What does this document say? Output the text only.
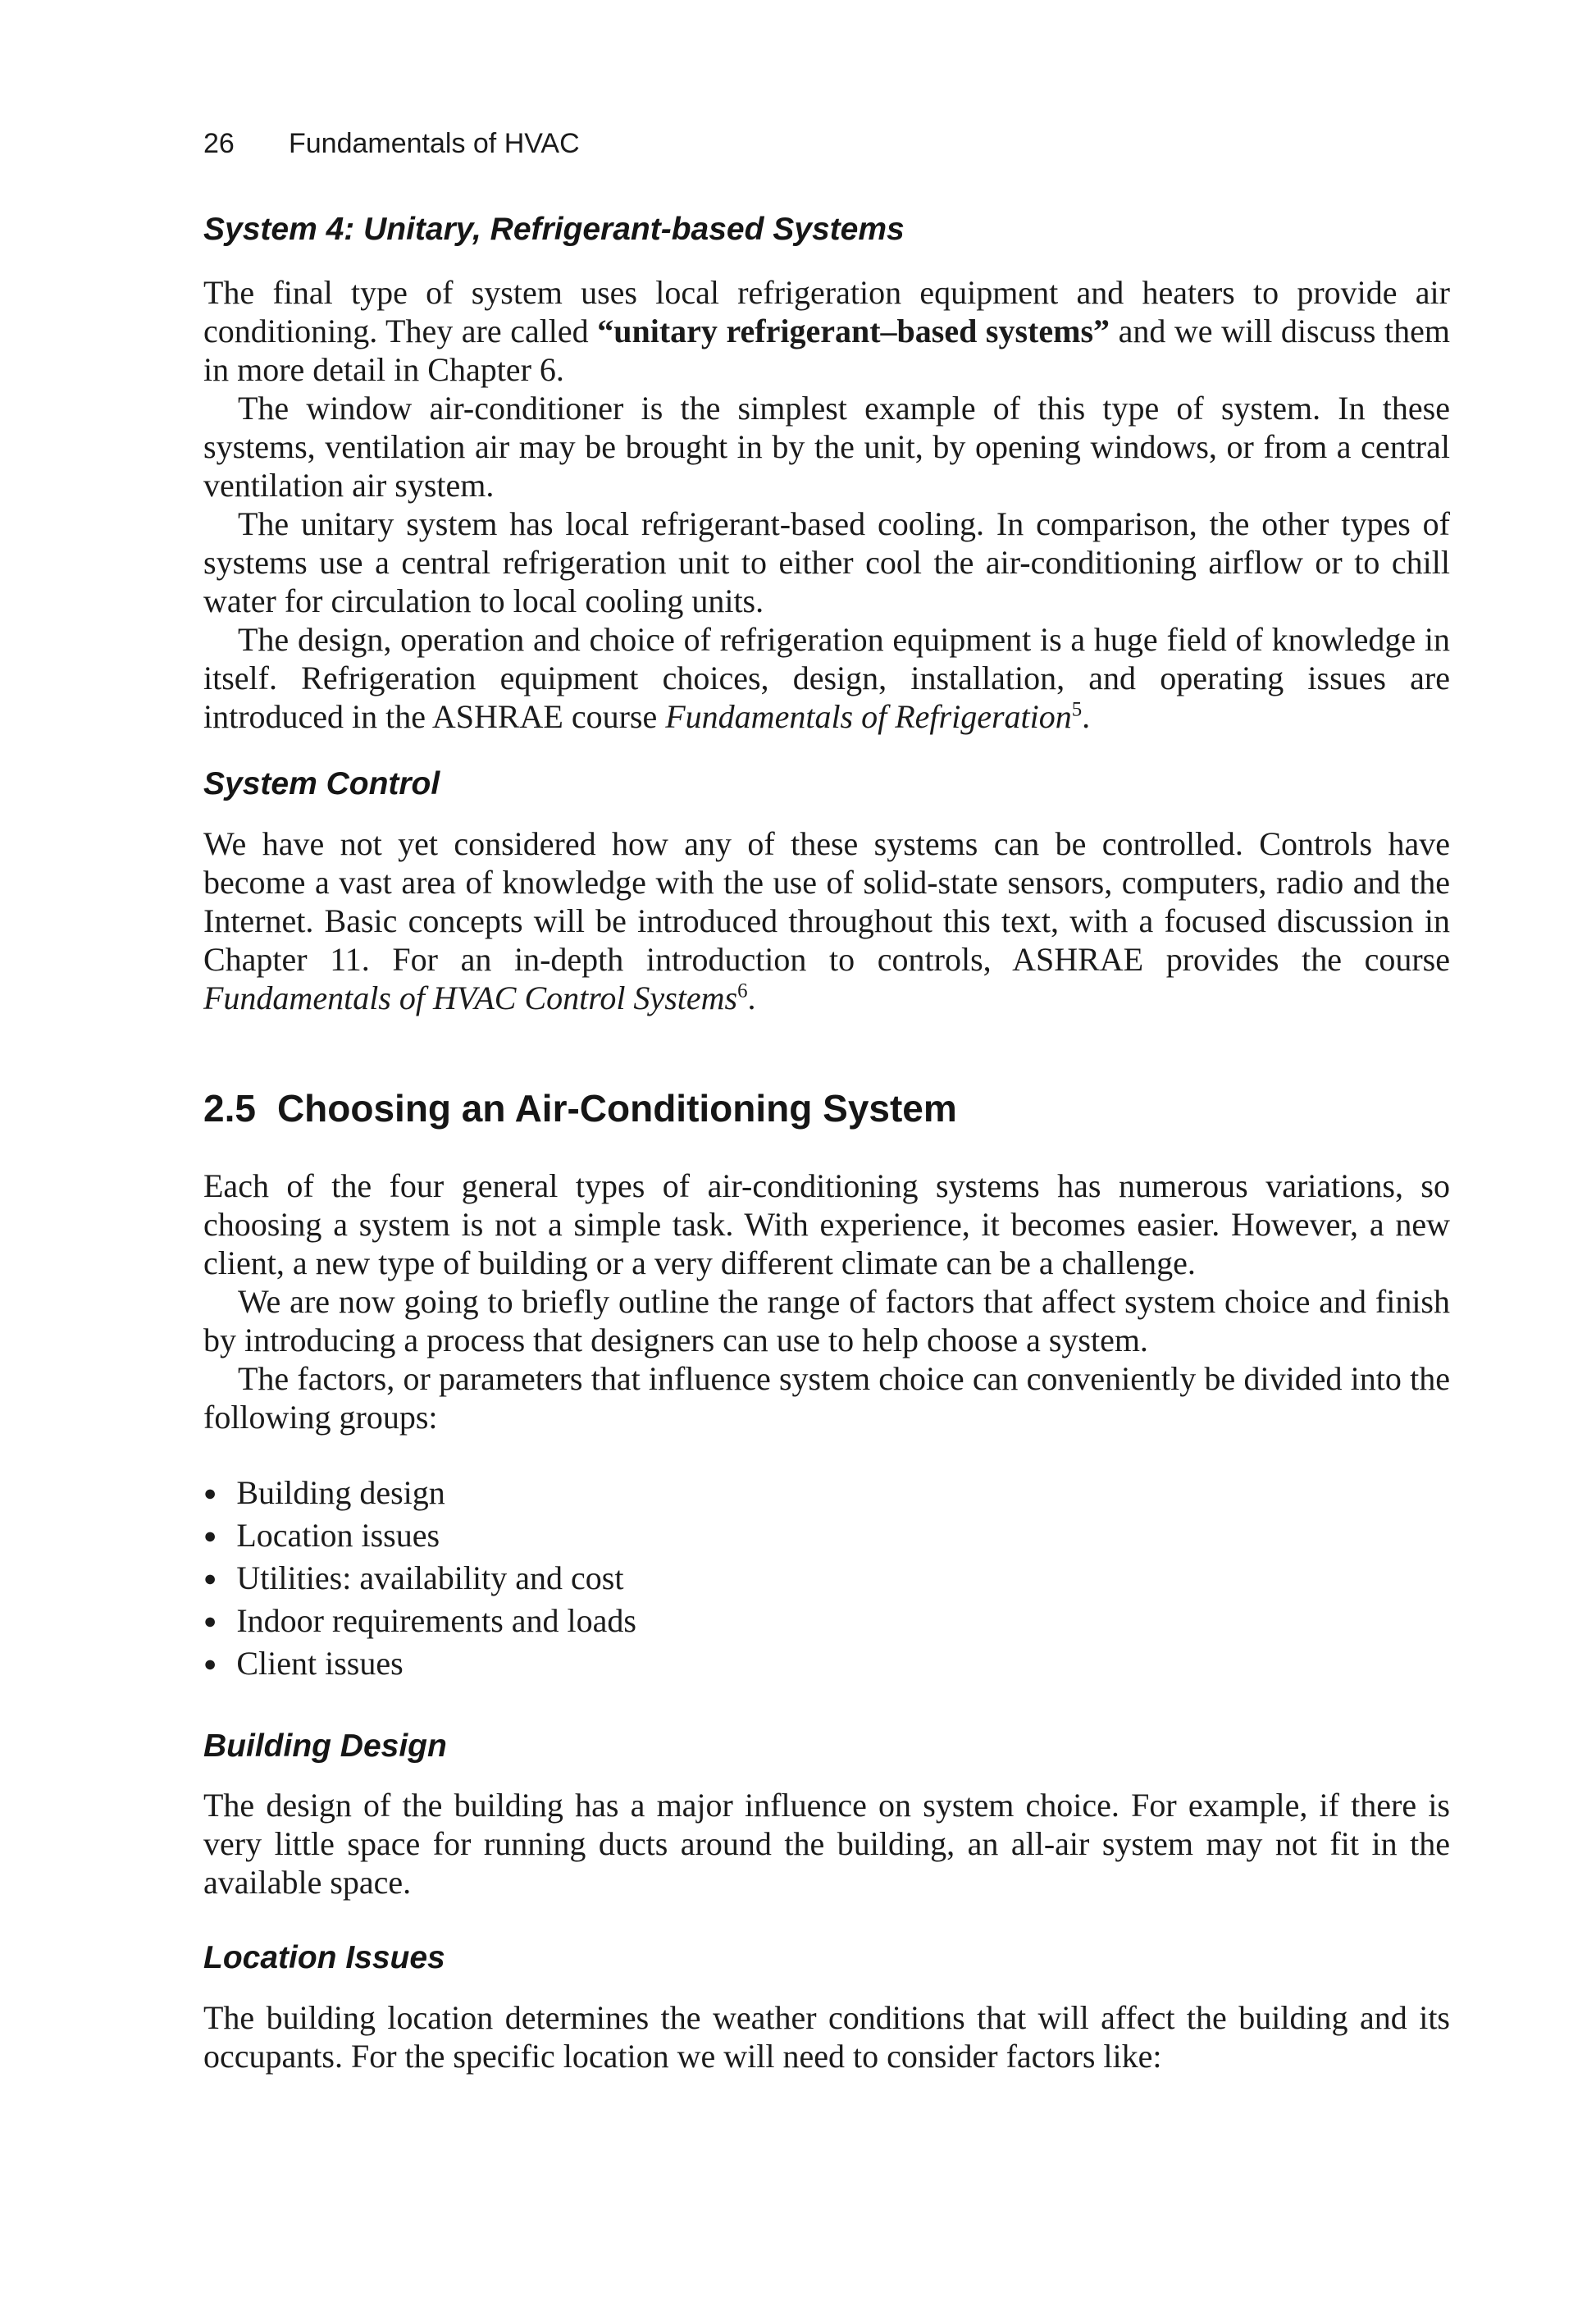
26	Fundamentals of HVAC
System 4: Unitary, Refrigerant-based Systems

The final type of system uses local refrigeration equipment and heaters to provide air conditioning. They are called “unitary refrigerant–based systems” and we will discuss them in more detail in Chapter 6.

The window air-conditioner is the simplest example of this type of system. In these systems, ventilation air may be brought in by the unit, by opening windows, or from a central ventilation air system.

The unitary system has local refrigerant-based cooling. In comparison, the other types of systems use a central refrigeration unit to either cool the air-conditioning airflow or to chill water for circulation to local cooling units.

The design, operation and choice of refrigeration equipment is a huge field of knowledge in itself. Refrigeration equipment choices, design, installation, and operating issues are introduced in the ASHRAE course Fundamentals of Refrigeration$^5$.

System Control

We have not yet considered how any of these systems can be controlled. Controls have become a vast area of knowledge with the use of solid-state sensors, computers, radio and the Internet. Basic concepts will be introduced throughout this text, with a focused discussion in Chapter 11. For an in-depth introduction to controls, ASHRAE provides the course Fundamentals of HVAC Control Systems$^6$.

2.5 Choosing an Air-Conditioning System

Each of the four general types of air-conditioning systems has numerous variations, so choosing a system is not a simple task. With experience, it becomes easier. However, a new client, a new type of building or a very different climate can be a challenge.

We are now going to briefly outline the range of factors that affect system choice and finish by introducing a process that designers can use to help choose a system.

The factors, or parameters that influence system choice can conveniently be divided into the following groups:

● Building design
● Location issues
● Utilities: availability and cost
● Indoor requirements and loads
● Client issues
Building Design

The design of the building has a major influence on system choice. For example, if there is very little space for running ducts around the building, an all-air system may not fit in the available space.

Location Issues

The building location determines the weather conditions that will affect the building and its occupants. For the specific location we will need to consider factors like:
